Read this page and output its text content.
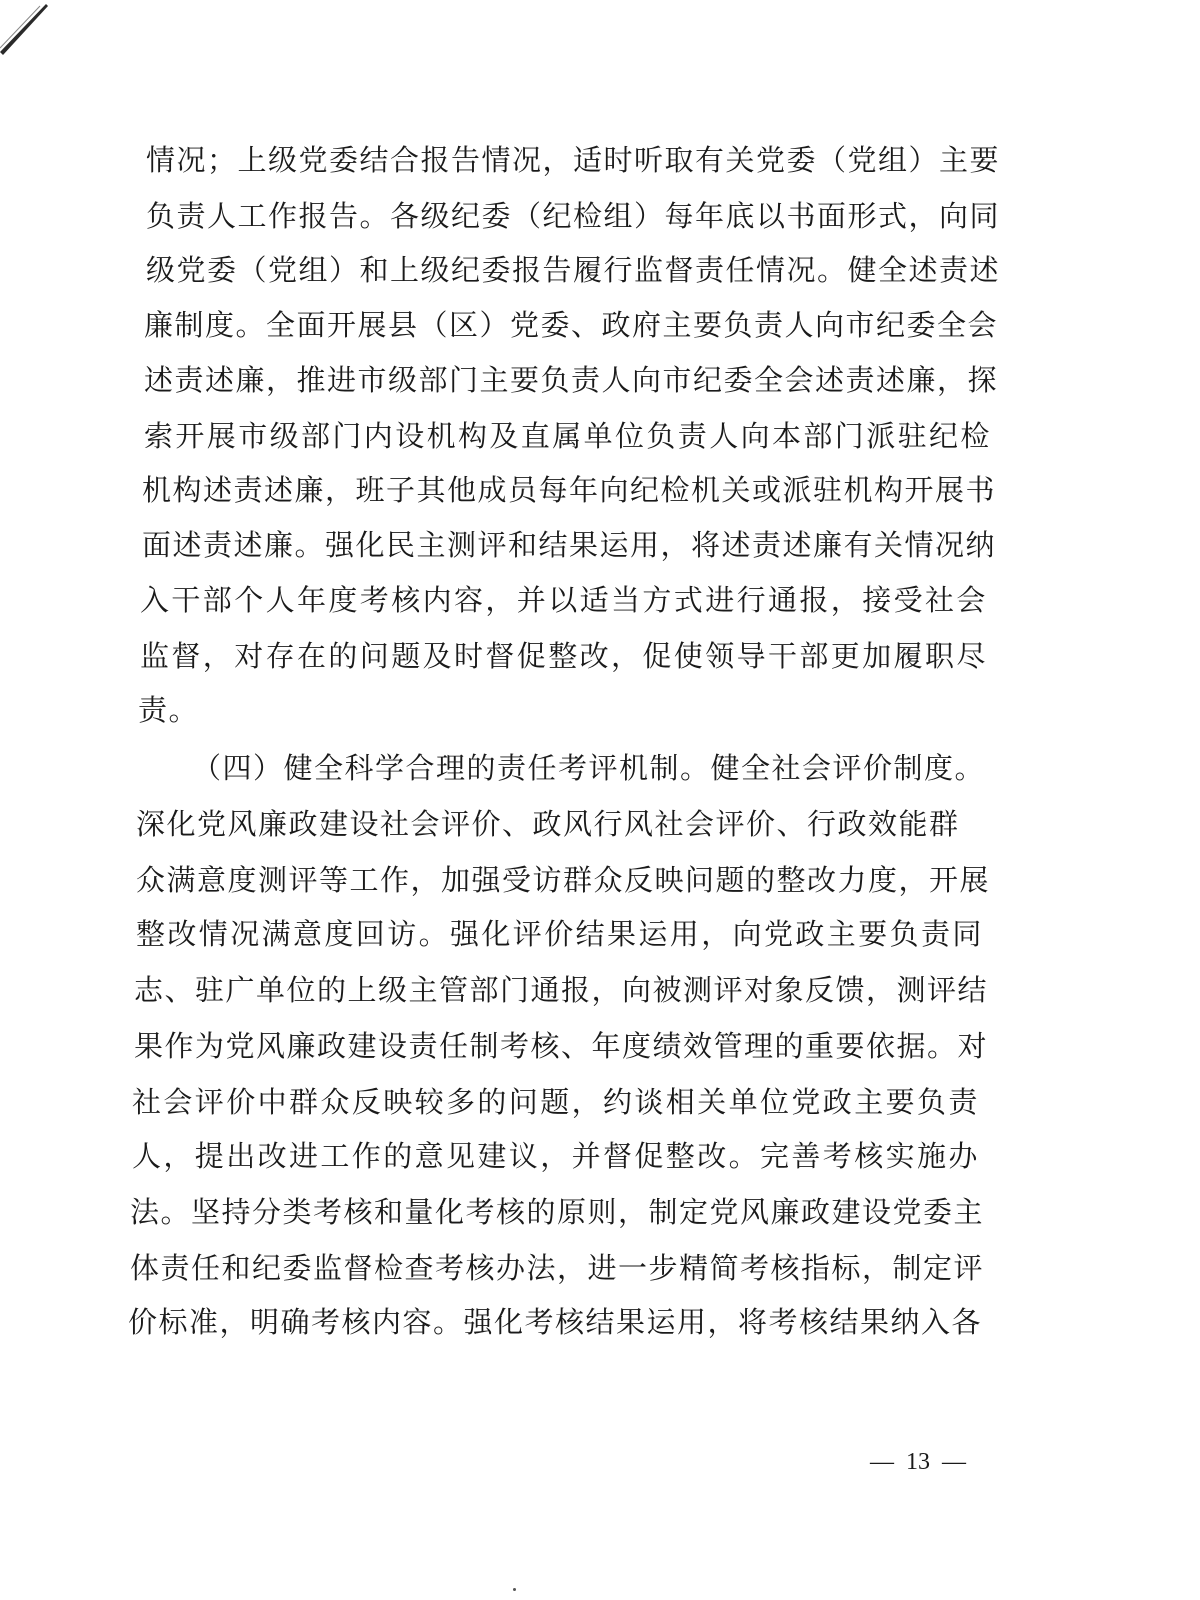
情况；上级党委结合报告情况，适时听取有关党委（党组）主要
负责人工作报告。各级纪委（纪检组）每年底以书面形式，向同
级党委（党组）和上级纪委报告履行监督责任情况。健全述责述
廉制度。全面开展县（区）党委、政府主要负责人向市纪委全会
述责述廉，推进市级部门主要负责人向市纪委全会述责述廉，探
索开展市级部门内设机构及直属单位负责人向本部门派驻纪检
机构述责述廉，班子其他成员每年向纪检机关或派驻机构开展书
面述责述廉。强化民主测评和结果运用，将述责述廉有关情况纳
入干部个人年度考核内容，并以适当方式进行通报，接受社会
监督，对存在的问题及时督促整改，促使领导干部更加履职尽
责。
（四）健全科学合理的责任考评机制。健全社会评价制度。
深化党风廉政建设社会评价、政风行风社会评价、行政效能群
众满意度测评等工作，加强受访群众反映问题的整改力度，开展
整改情况满意度回访。强化评价结果运用，向党政主要负责同
志、驻广单位的上级主管部门通报，向被测评对象反馈，测评结
果作为党风廉政建设责任制考核、年度绩效管理的重要依据。对
社会评价中群众反映较多的问题，约谈相关单位党政主要负责
人，提出改进工作的意见建议，并督促整改。完善考核实施办
法。坚持分类考核和量化考核的原则，制定党风廉政建设党委主
体责任和纪委监督检查考核办法，进一步精简考核指标，制定评
价标准，明确考核内容。强化考核结果运用，将考核结果纳入各
—  13  —
